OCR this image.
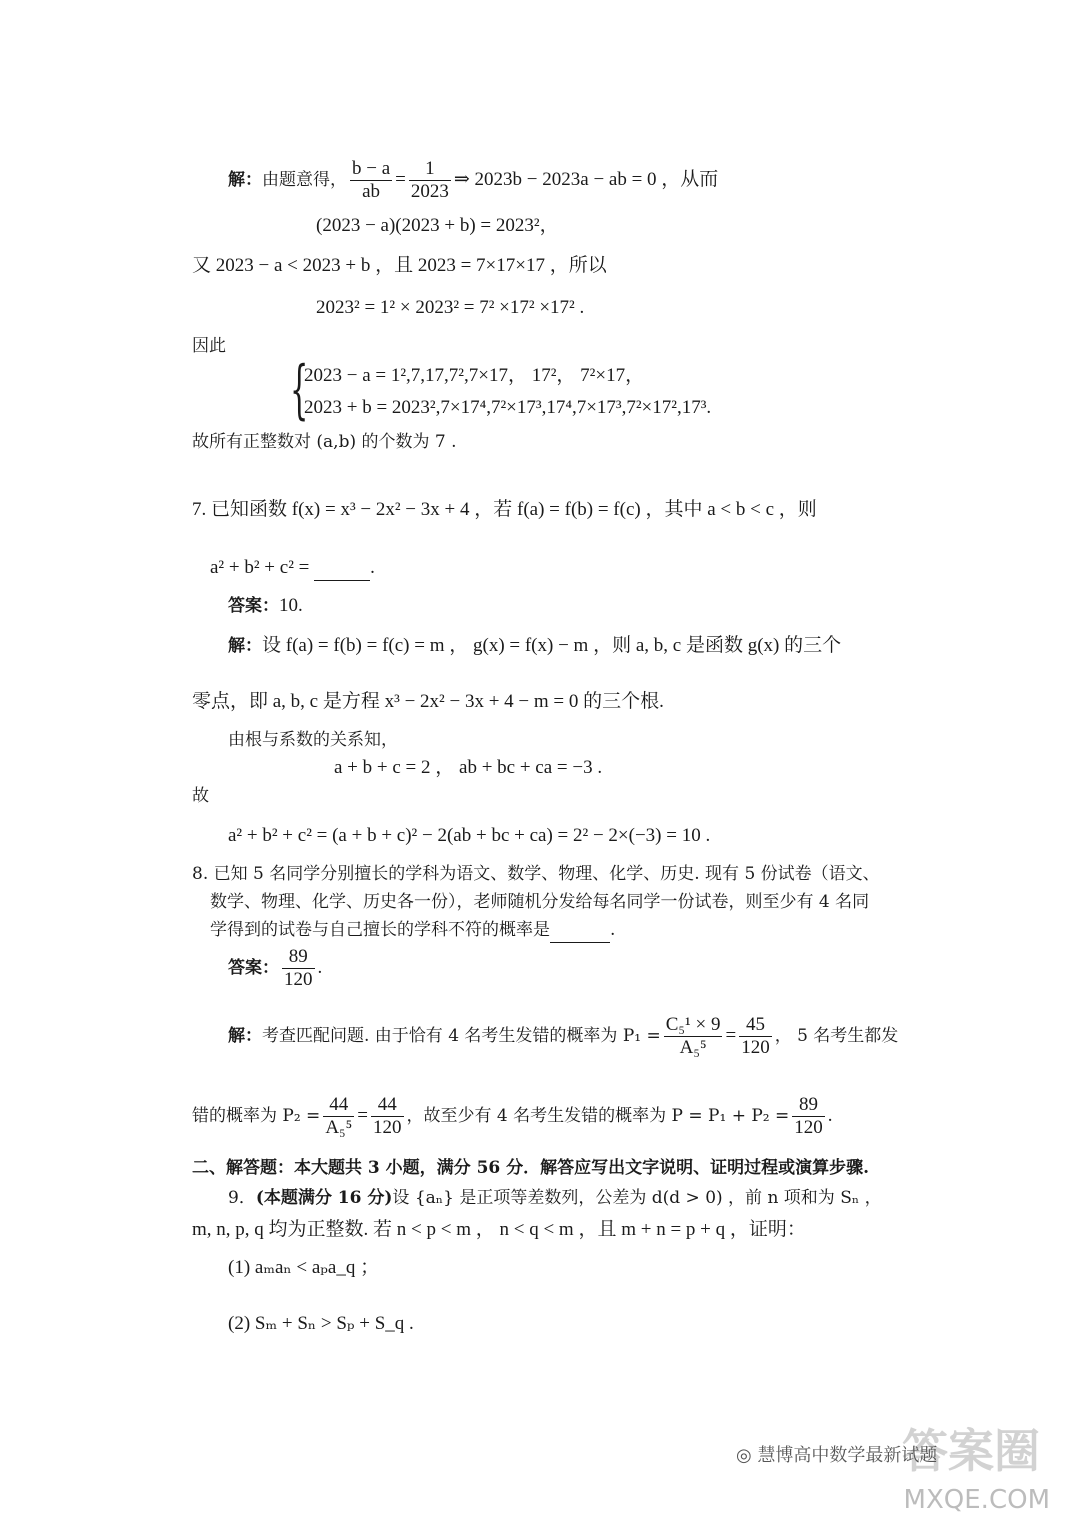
解：由题意得， $\frac{b - a}{ab} = \frac{1}{2023}$ ⇒ 2023b − 2023a − ab = 0 ，从而
(2023 − a)(2023 + b) = 2023²，
又 2023 − a < 2023 + b ，且 2023 = 7×17×17 ，所以
2023² = 1² × 2023² = 7² ×17² ×17² .
因此
{
2023 − a = 1²,7,17,7²,7×17， 17²， 7²×17，
2023 + b = 2023²,7×17⁴,7²×17³,17⁴,7×17³,7²×17²,17³.
故所有正整数对 (a,b) 的个数为 7 .
7. 已知函数 f(x) = x³ − 2x² − 3x + 4 ，若 f(a) = f(b) = f(c) ，其中 a < b < c ，则
a² + b² + c² =	.
答案：10.
解：设 f(a) = f(b) = f(c) = m ， g(x) = f(x) − m ，则 a, b, c 是函数 g(x) 的三个
零点，即 a, b, c 是方程 x³ − 2x² − 3x + 4 − m = 0 的三个根.
由根与系数的关系知，
a + b + c = 2 ， ab + bc + ca = −3 .
故
a² + b² + c² = (a + b + c)² − 2(ab + bc + ca) = 2² − 2×(−3) = 10 .
8. 已知 5 名同学分别擅长的学科为语文、数学、物理、化学、历史. 现有 5 份试卷（语文、
数学、物理、化学、历史各一份），老师随机分发给每名同学一份试卷，则至少有 4 名同
学得到的试卷与自己擅长的学科不符的概率是	.
答案： $\frac{89}{120}$ .
解：考查匹配问题. 由于恰有 4 名考生发错的概率为 $P_1 = \frac{\text{C₅¹ × 9}}{\text{A₅⁵}} = \frac{45}{120}$ ， 5 名考生都发
错的概率为 $P_2 = \frac{44}{\text{A₅⁵}} = \frac{44}{120}$ ，故至少有 4 名考生发错的概率为 $P = P_1 + P_2 = \frac{89}{120}$ .
二、解答题：本大题共 3 小题，满分 56 分．解答应写出文字说明、证明过程或演算步骤.
9．(本题满分 16 分)设 {aₙ} 是正项等差数列，公差为 d(d > 0) ，前 n 项和为 Sₙ ，
m, n, p, q 均为正整数. 若 n < p < m ， n < q < m ，且 m + n = p + q ，证明：
(1) aₘaₙ < aₚa_q ；
(2) Sₘ + Sₙ > Sₚ + S_q .
答案圈
◎ 慧博高中数学最新试题
MXQE.COM
